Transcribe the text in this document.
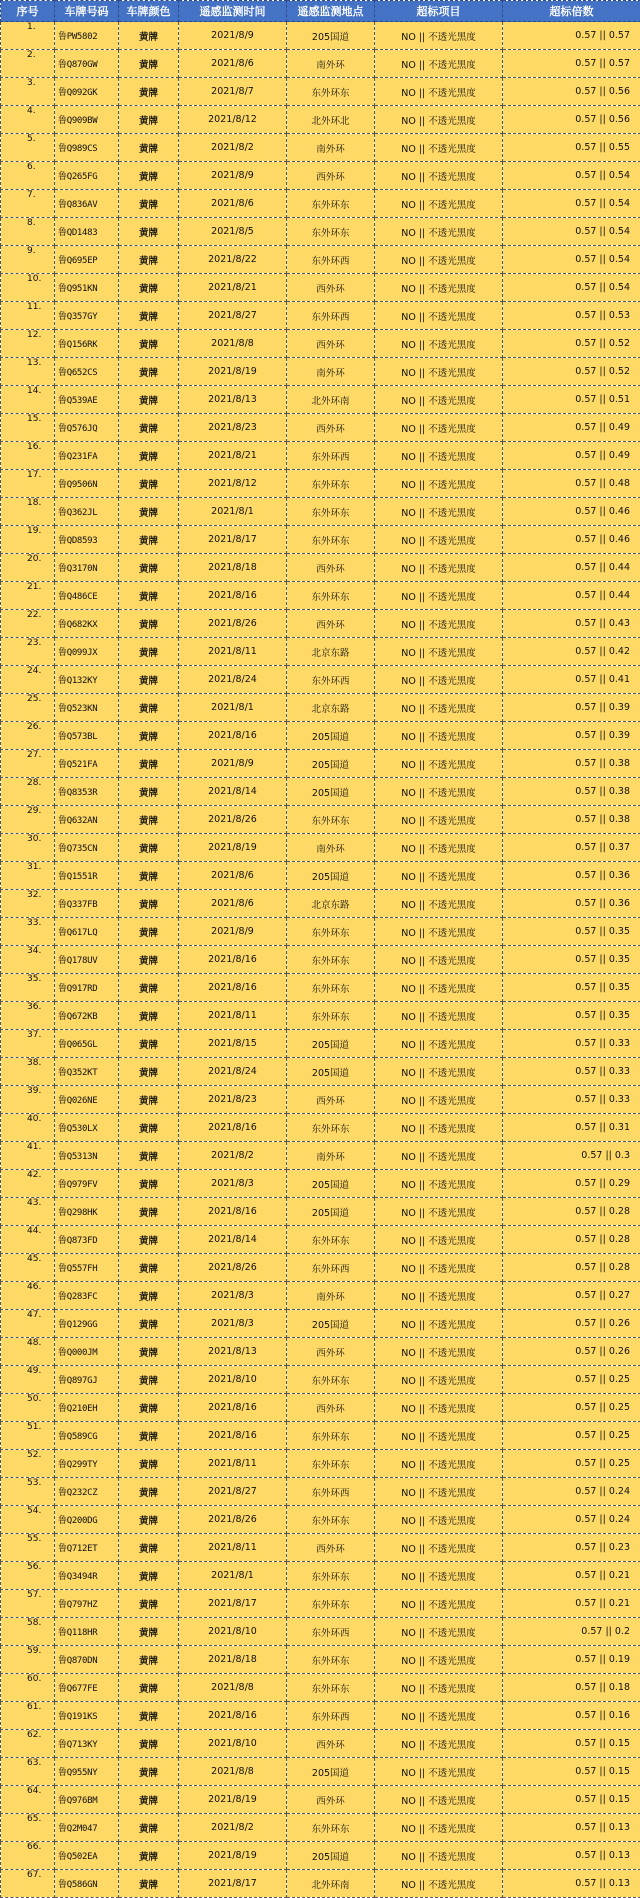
序号	车牌号码	车牌颜色	遥感监测时间	遥感监测地点	超标项目	超标倍数
1.	鲁PW5802	黄牌	2021/8/9	205国道	NO || 不透光黑度	0.57 || 0.57
2.	鲁Q870GW	黄牌	2021/8/6	南外环	NO || 不透光黑度	0.57 || 0.57
3.	鲁Q092GK	黄牌	2021/8/7	东外环东	NO || 不透光黑度	0.57 || 0.56
4.	鲁Q909BW	黄牌	2021/8/12	北外环北	NO || 不透光黑度	0.57 || 0.56
5.	鲁Q989CS	黄牌	2021/8/2	南外环	NO || 不透光黑度	0.57 || 0.55
6.	鲁Q265FG	黄牌	2021/8/9	西外环	NO || 不透光黑度	0.57 || 0.54
7.	鲁Q836AV	黄牌	2021/8/6	东外环东	NO || 不透光黑度	0.57 || 0.54
8.	鲁QD1483	黄牌	2021/8/5	东外环东	NO || 不透光黑度	0.57 || 0.54
9.	鲁Q695EP	黄牌	2021/8/22	东外环西	NO || 不透光黑度	0.57 || 0.54
10.	鲁Q951KN	黄牌	2021/8/21	西外环	NO || 不透光黑度	0.57 || 0.54
11.	鲁Q357GY	黄牌	2021/8/27	东外环西	NO || 不透光黑度	0.57 || 0.53
12.	鲁Q156RK	黄牌	2021/8/8	西外环	NO || 不透光黑度	0.57 || 0.52
13.	鲁Q652CS	黄牌	2021/8/19	南外环	NO || 不透光黑度	0.57 || 0.52
14.	鲁Q539AE	黄牌	2021/8/13	北外环南	NO || 不透光黑度	0.57 || 0.51
15.	鲁Q576JQ	黄牌	2021/8/23	西外环	NO || 不透光黑度	0.57 || 0.49
16.	鲁Q231FA	黄牌	2021/8/21	东外环西	NO || 不透光黑度	0.57 || 0.49
17.	鲁Q9506N	黄牌	2021/8/12	东外环东	NO || 不透光黑度	0.57 || 0.48
18.	鲁Q362JL	黄牌	2021/8/1	东外环东	NO || 不透光黑度	0.57 || 0.46
19.	鲁QD8593	黄牌	2021/8/17	东外环东	NO || 不透光黑度	0.57 || 0.46
20.	鲁Q3170N	黄牌	2021/8/18	西外环	NO || 不透光黑度	0.57 || 0.44
21.	鲁Q486CE	黄牌	2021/8/16	东外环东	NO || 不透光黑度	0.57 || 0.44
22.	鲁Q682KX	黄牌	2021/8/26	西外环	NO || 不透光黑度	0.57 || 0.43
23.	鲁Q099JX	黄牌	2021/8/11	北京东路	NO || 不透光黑度	0.57 || 0.42
24.	鲁Q132KY	黄牌	2021/8/24	东外环西	NO || 不透光黑度	0.57 || 0.41
25.	鲁Q523KN	黄牌	2021/8/1	北京东路	NO || 不透光黑度	0.57 || 0.39
26.	鲁Q573BL	黄牌	2021/8/16	205国道	NO || 不透光黑度	0.57 || 0.39
27.	鲁Q521FA	黄牌	2021/8/9	205国道	NO || 不透光黑度	0.57 || 0.38
28.	鲁Q8353R	黄牌	2021/8/14	205国道	NO || 不透光黑度	0.57 || 0.38
29.	鲁Q632AN	黄牌	2021/8/26	东外环东	NO || 不透光黑度	0.57 || 0.38
30.	鲁Q735CN	黄牌	2021/8/19	南外环	NO || 不透光黑度	0.57 || 0.37
31.	鲁Q1551R	黄牌	2021/8/6	205国道	NO || 不透光黑度	0.57 || 0.36
32.	鲁Q337FB	黄牌	2021/8/6	北京东路	NO || 不透光黑度	0.57 || 0.36
33.	鲁Q617LQ	黄牌	2021/8/9	东外环东	NO || 不透光黑度	0.57 || 0.35
34.	鲁Q178UV	黄牌	2021/8/16	东外环东	NO || 不透光黑度	0.57 || 0.35
35.	鲁Q917RD	黄牌	2021/8/16	东外环东	NO || 不透光黑度	0.57 || 0.35
36.	鲁Q672KB	黄牌	2021/8/11	东外环东	NO || 不透光黑度	0.57 || 0.35
37.	鲁Q065GL	黄牌	2021/8/15	205国道	NO || 不透光黑度	0.57 || 0.33
38.	鲁Q352KT	黄牌	2021/8/24	205国道	NO || 不透光黑度	0.57 || 0.33
39.	鲁Q026NE	黄牌	2021/8/23	西外环	NO || 不透光黑度	0.57 || 0.33
40.	鲁Q530LX	黄牌	2021/8/16	东外环东	NO || 不透光黑度	0.57 || 0.31
41.	鲁Q5313N	黄牌	2021/8/2	南外环	NO || 不透光黑度	0.57 || 0.3
42.	鲁Q979FV	黄牌	2021/8/3	205国道	NO || 不透光黑度	0.57 || 0.29
43.	鲁Q298HK	黄牌	2021/8/16	205国道	NO || 不透光黑度	0.57 || 0.28
44.	鲁Q873FD	黄牌	2021/8/14	东外环东	NO || 不透光黑度	0.57 || 0.28
45.	鲁Q557FH	黄牌	2021/8/26	东外环西	NO || 不透光黑度	0.57 || 0.28
46.	鲁Q283FC	黄牌	2021/8/3	南外环	NO || 不透光黑度	0.57 || 0.27
47.	鲁Q129GG	黄牌	2021/8/3	205国道	NO || 不透光黑度	0.57 || 0.26
48.	鲁Q000JM	黄牌	2021/8/13	西外环	NO || 不透光黑度	0.57 || 0.26
49.	鲁Q897GJ	黄牌	2021/8/10	东外环东	NO || 不透光黑度	0.57 || 0.25
50.	鲁Q210EH	黄牌	2021/8/16	西外环	NO || 不透光黑度	0.57 || 0.25
51.	鲁Q589CG	黄牌	2021/8/16	东外环东	NO || 不透光黑度	0.57 || 0.25
52.	鲁Q299TY	黄牌	2021/8/11	东外环东	NO || 不透光黑度	0.57 || 0.25
53.	鲁Q232CZ	黄牌	2021/8/27	东外环西	NO || 不透光黑度	0.57 || 0.24
54.	鲁Q200DG	黄牌	2021/8/26	东外环东	NO || 不透光黑度	0.57 || 0.24
55.	鲁Q712ET	黄牌	2021/8/11	西外环	NO || 不透光黑度	0.57 || 0.23
56.	鲁Q3494R	黄牌	2021/8/1	东外环东	NO || 不透光黑度	0.57 || 0.21
57.	鲁Q797HZ	黄牌	2021/8/17	东外环东	NO || 不透光黑度	0.57 || 0.21
58.	鲁Q118HR	黄牌	2021/8/10	东外环西	NO || 不透光黑度	0.57 || 0.2
59.	鲁Q870DN	黄牌	2021/8/18	东外环东	NO || 不透光黑度	0.57 || 0.19
60.	鲁Q677FE	黄牌	2021/8/8	东外环东	NO || 不透光黑度	0.57 || 0.18
61.	鲁Q191KS	黄牌	2021/8/16	东外环西	NO || 不透光黑度	0.57 || 0.16
62.	鲁Q713KY	黄牌	2021/8/10	西外环	NO || 不透光黑度	0.57 || 0.15
63.	鲁Q955NY	黄牌	2021/8/8	205国道	NO || 不透光黑度	0.57 || 0.15
64.	鲁Q976BM	黄牌	2021/8/19	西外环	NO || 不透光黑度	0.57 || 0.15
65.	鲁Q2M047	黄牌	2021/8/2	东外环东	NO || 不透光黑度	0.57 || 0.13
66.	鲁Q502EA	黄牌	2021/8/19	205国道	NO || 不透光黑度	0.57 || 0.13
67.	鲁Q586GN	黄牌	2021/8/17	北外环南	NO || 不透光黑度	0.57 || 0.13
